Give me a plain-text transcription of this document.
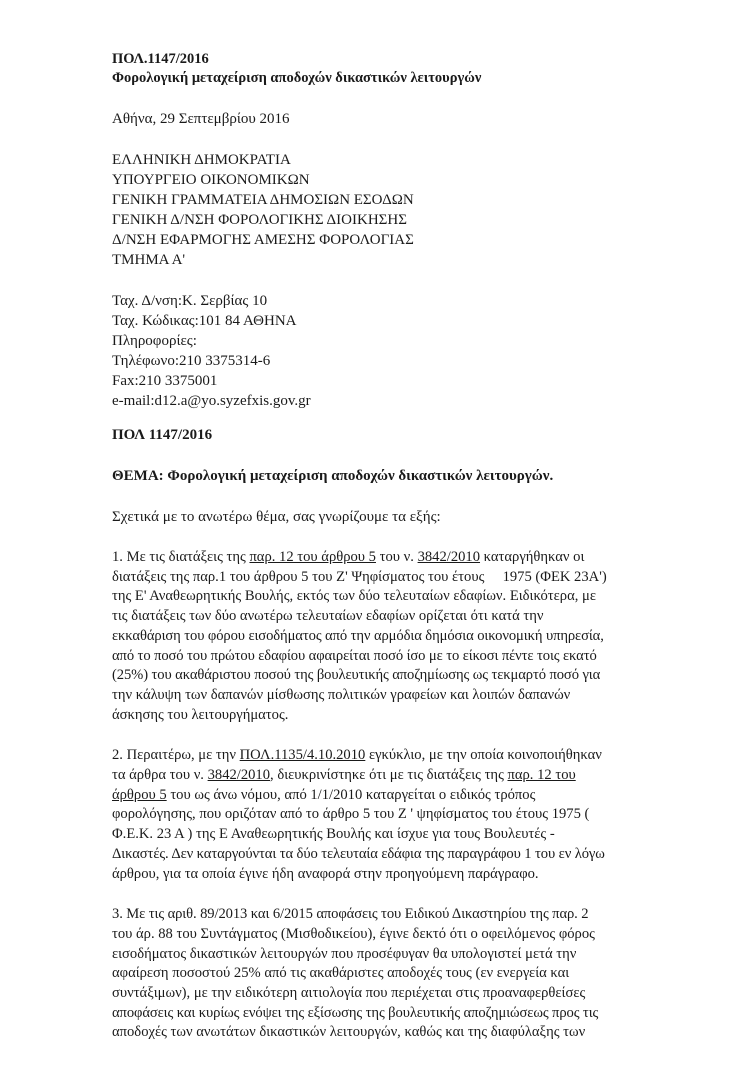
ΠΟΛ.1147/2016
Φορολογική μεταχείριση αποδοχών δικαστικών λειτουργών
Αθήνα, 29 Σεπτεμβρίου 2016
ΕΛΛΗΝΙΚΗ ΔΗΜΟΚΡΑΤΙΑ
ΥΠΟΥΡΓΕΙΟ ΟΙΚΟΝΟΜΙΚΩΝ
ΓΕΝΙΚΗ ΓΡΑΜΜΑΤΕΙΑ ΔΗΜΟΣΙΩΝ ΕΣΟΔΩΝ
ΓΕΝΙΚΗ Δ/ΝΣΗ ΦΟΡΟΛΟΓΙΚΗΣ ΔΙΟΙΚΗΣΗΣ
Δ/ΝΣΗ ΕΦΑΡΜΟΓΗΣ ΑΜΕΣΗΣ ΦΟΡΟΛΟΓΙΑΣ
ΤΜΗΜΑ Α'
Ταχ. Δ/νση:Κ. Σερβίας 10
Ταχ. Κώδικας:101 84 ΑΘΗΝΑ
Πληροφορίες:
Τηλέφωνο:210 3375314-6
Fax:210 3375001
e-mail:d12.a@yo.syzefxis.gov.gr
ΠΟΛ 1147/2016
ΘΕΜΑ: Φορολογική μεταχείριση αποδοχών δικαστικών λειτουργών.
Σχετικά με το ανωτέρω θέμα, σας γνωρίζουμε τα εξής:
1. Με τις διατάξεις της παρ. 12 του άρθρου 5 του ν. 3842/2010 καταργήθηκαν οι
διατάξεις της παρ.1 του άρθρου 5 του Ζ' Ψηφίσματος του έτους     1975 (ΦΕΚ 23Α')
της Ε' Αναθεωρητικής Βουλής, εκτός των δύο τελευταίων εδαφίων. Ειδικότερα, με
τις διατάξεις των δύο ανωτέρω τελευταίων εδαφίων ορίζεται ότι κατά την
εκκαθάριση του φόρου εισοδήματος από την αρμόδια δημόσια οικονομική υπηρεσία,
από το ποσό του πρώτου εδαφίου αφαιρείται ποσό ίσο με το είκοσι πέντε τοις εκατό
(25%) του ακαθάριστου ποσού της βουλευτικής αποζημίωσης ως τεκμαρτό ποσό για
την κάλυψη των δαπανών μίσθωσης πολιτικών γραφείων και λοιπών δαπανών
άσκησης του λειτουργήματος.
2. Περαιτέρω, με την ΠΟΛ.1135/4.10.2010 εγκύκλιο, με την οποία κοινοποιήθηκαν
τα άρθρα του ν. 3842/2010, διευκρινίστηκε ότι με τις διατάξεις της παρ. 12 του
άρθρου 5 του ως άνω νόμου, από 1/1/2010 καταργείται ο ειδικός τρόπος
φορολόγησης, που οριζόταν από το άρθρο 5 του Ζ ' ψηφίσματος του έτους 1975 (
Φ.Ε.Κ. 23 Α ) της Ε Αναθεωρητικής Βουλής και ίσχυε για τους Βουλευτές -
Δικαστές. Δεν καταργούνται τα δύο τελευταία εδάφια της παραγράφου 1 του εν λόγω
άρθρου, για τα οποία έγινε ήδη αναφορά στην προηγούμενη παράγραφο.
3. Με τις αριθ. 89/2013 και 6/2015 αποφάσεις του Ειδικού Δικαστηρίου της παρ. 2
του άρ. 88 του Συντάγματος (Μισθοδικείου), έγινε δεκτό ότι ο οφειλόμενος φόρος
εισοδήματος δικαστικών λειτουργών που προσέφυγαν θα υπολογιστεί μετά την
αφαίρεση ποσοστού 25% από τις ακαθάριστες αποδοχές τους (εν ενεργεία και
συντάξιμων), με την ειδικότερη αιτιολογία που περιέχεται στις προαναφερθείσες
αποφάσεις και κυρίως ενόψει της εξίσωσης της βουλευτικής αποζημιώσεως προς τις
αποδοχές των ανωτάτων δικαστικών λειτουργών, καθώς και της διαφύλαξης των
